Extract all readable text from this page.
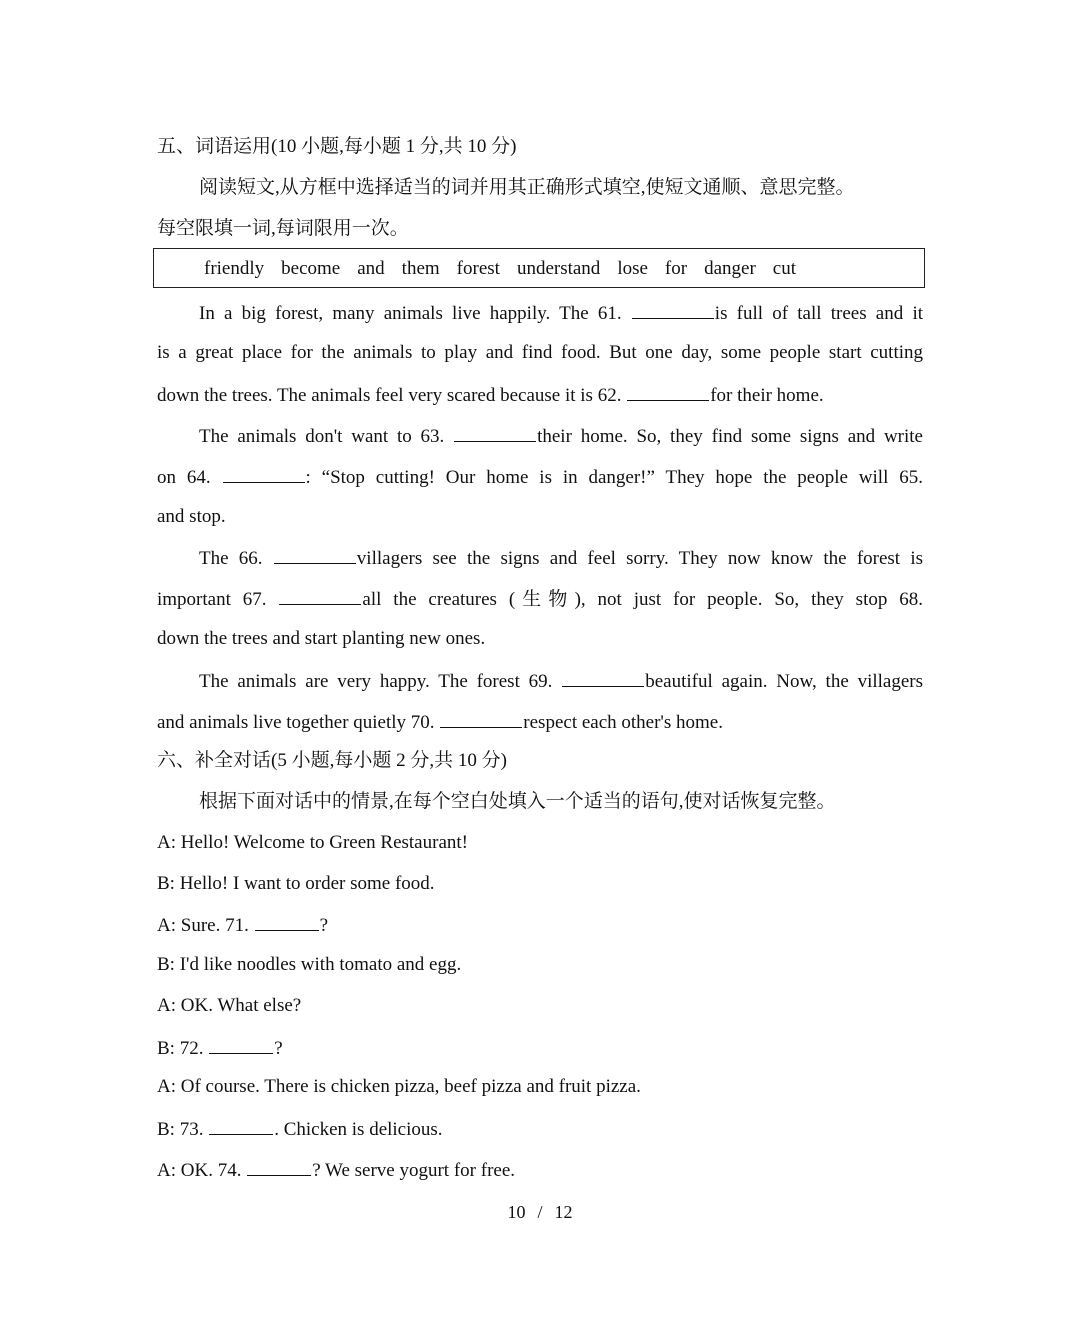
五、词语运用(10 小题,每小题 1 分,共 10 分)
阅读短文,从方框中选择适当的词并用其正确形式填空,使短文通顺、意思完整。
每空限填一词,每词限用一次。
friendly become and them forest understand lose for danger cut
In a big forest, many animals live happily. The 61.	is full of tall trees and it
is a great place for the animals to play and find food. But one day, some people start cutting
down the trees. The animals feel very scared because it is 62.	for their home.
The animals don't want to 63.	their home. So, they find some signs and write
on 64.	: “Stop cutting! Our home is in danger!” They hope the people will 65.
and stop.
The 66.	villagers see the signs and feel sorry. They now know the forest is
important 67.	all the creatures (生物), not just for people. So, they stop 68.
down the trees and start planting new ones.
The animals are very happy. The forest 69.	beautiful again. Now, the villagers
and animals live together quietly 70.	respect each other's home.
六、补全对话(5 小题,每小题 2 分,共 10 分)
根据下面对话中的情景,在每个空白处填入一个适当的语句,使对话恢复完整。
A: Hello! Welcome to Green Restaurant!
B: Hello! I want to order some food.
A: Sure. 71.	?
B: I'd like noodles with tomato and egg.
A: OK. What else?
B: 72.	?
A: Of course. There is chicken pizza, beef pizza and fruit pizza.
B: 73.	. Chicken is delicious.
A: OK. 74.	? We serve yogurt for free.
10 / 12
